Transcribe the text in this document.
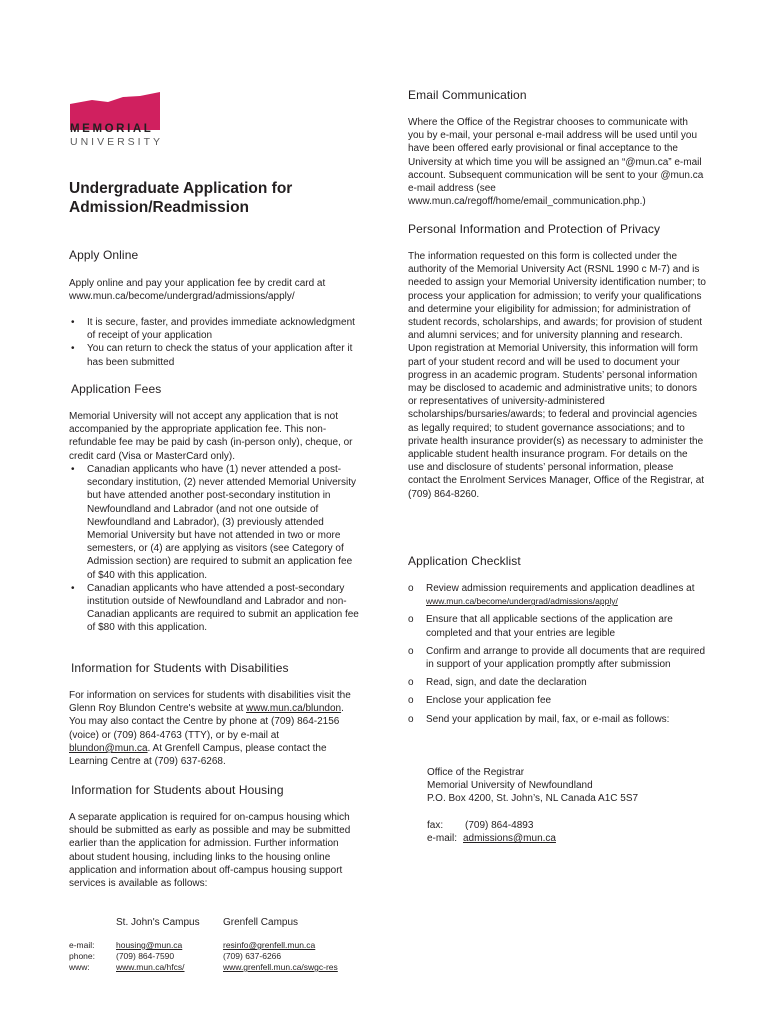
MEMORIAL
UNIVERSITY
Undergraduate Application for Admission/Readmission
Apply Online

Apply online and pay your application fee by credit card at www.mun.ca/become/undergrad/admissions/apply/

• It is secure, faster, and provides immediate acknowledgment of receipt of your application
• You can return to check the status of your application after it has been submitted
Application Fees

Memorial University will not accept any application that is not accompanied by the appropriate application fee. This non-refundable fee may be paid by cash (in-person only), cheque, or credit card (Visa or MasterCard only).

• Canadian applicants who have (1) never attended a post-secondary institution, (2) never attended Memorial University but have attended another post-secondary institution in Newfoundland and Labrador (and not one outside of Newfoundland and Labrador), (3) previously attended Memorial University but have not attended in two or more semesters, or (4) are applying as visitors (see Category of Admission section) are required to submit an application fee of $40 with this application.
• Canadian applicants who have attended a post-secondary institution outside of Newfoundland and Labrador and non-Canadian applicants are required to submit an application fee of $80 with this application.
Information for Students with Disabilities

For information on services for students with disabilities visit the Glenn Roy Blundon Centre's website at www.mun.ca/blundon. You may also contact the Centre by phone at (709) 864-2156 (voice) or (709) 864-4763 (TTY), or by e-mail at blundon@mun.ca. At Grenfell Campus, please contact the Learning Centre at (709) 637-6268.

Information for Students about Housing

A separate application is required for on-campus housing which should be submitted as early as possible and may be submitted earlier than the application for admission. Further information about student housing, including links to the housing online application and information about off-campus housing support services is available as follows:

	St. John's Campus	Grenfell Campus
e-mail:	housing@mun.ca	resinfo@grenfell.mun.ca
phone:	(709) 864-7590	(709) 637-6266
www:	www.mun.ca/hfcs/	www.grenfell.mun.ca/swgc-res
Email Communication

Where the Office of the Registrar chooses to communicate with you by e-mail, your personal e-mail address will be used until you have been offered early provisional or final acceptance to the University at which time you will be assigned an “@mun.ca” e-mail account. Subsequent communication will be sent to your @mun.ca e-mail address (see www.mun.ca/regoff/home/email_communication.php.)

Personal Information and Protection of Privacy

The information requested on this form is collected under the authority of the Memorial University Act (RSNL 1990 c M-7) and is needed to assign your Memorial University identification number; to process your application for admission; to verify your qualifications and determine your eligibility for admission; for administration of student records, scholarships, and awards; for provision of student and alumni services; and for university planning and research. Upon registration at Memorial University, this information will form part of your student record and will be used to document your progress in an academic program. Students’ personal information may be disclosed to academic and administrative units; to donors or representatives of university-administered scholarships/bursaries/awards; to federal and provincial agencies as legally required; to student governance associations; and to private health insurance provider(s) as necessary to administer the applicable student health insurance program. For details on the use and disclosure of students’ personal information, please contact the Enrolment Services Manager, Office of the Registrar, at (709) 864-8260.

Application Checklist
o Review admission requirements and application deadlines at
www.mun.ca/become/undergrad/admissions/apply/
o Ensure that all applicable sections of the application are completed and that your entries are legible
o Confirm and arrange to provide all documents that are required in support of your application promptly after submission
o Read, sign, and date the declaration
o Enclose your application fee
o Send your application by mail, fax, or e-mail as follows:
Office of the Registrar
Memorial University of Newfoundland
P.O. Box 4200, St. John’s, NL Canada A1C 5S7
fax: (709) 864-4893
e-mail: admissions@mun.ca
